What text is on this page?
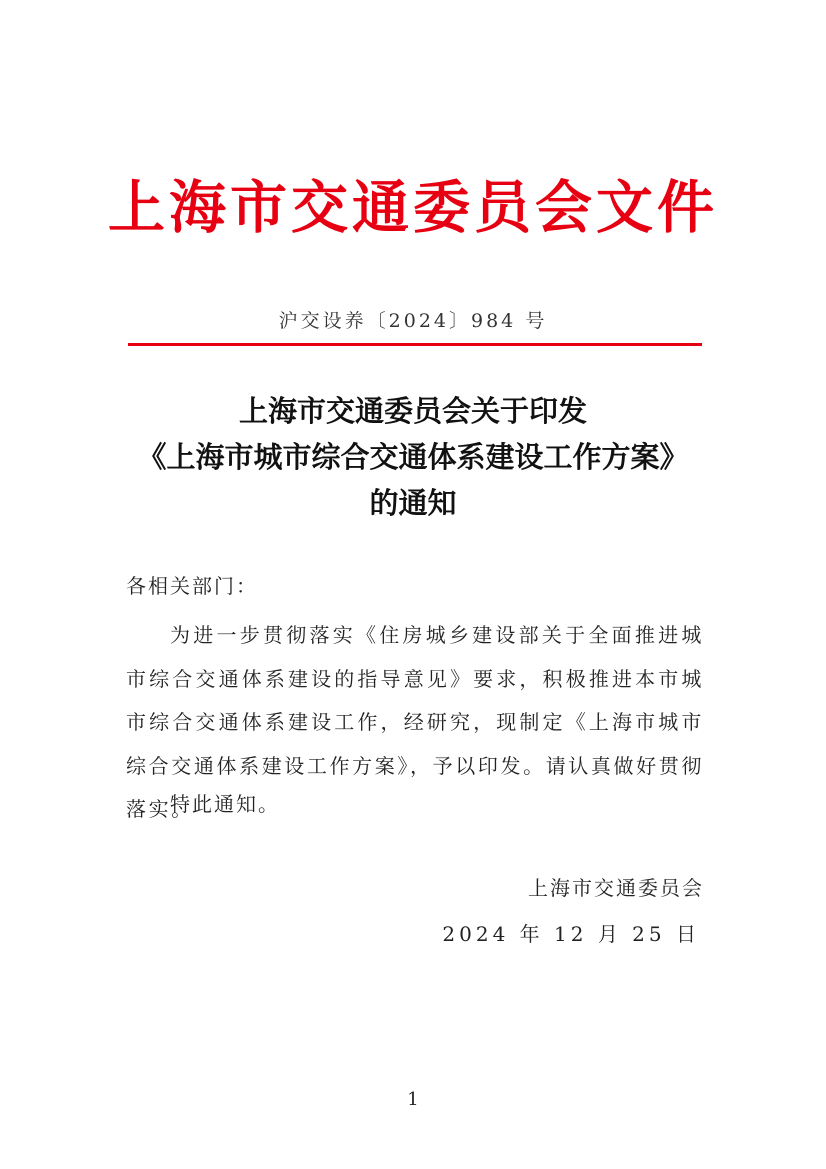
上海市交通委员会文件
沪交设养〔2024〕984 号
上海市交通委员会关于印发
《上海市城市综合交通体系建设工作方案》
的通知
各相关部门：
为进一步贯彻落实《住房城乡建设部关于全面推进城市综合交通体系建设的指导意见》要求，积极推进本市城市综合交通体系建设工作，经研究，现制定《上海市城市综合交通体系建设工作方案》，予以印发。请认真做好贯彻落实。
特此通知。
上海市交通委员会
2024 年 12 月 25 日
1
